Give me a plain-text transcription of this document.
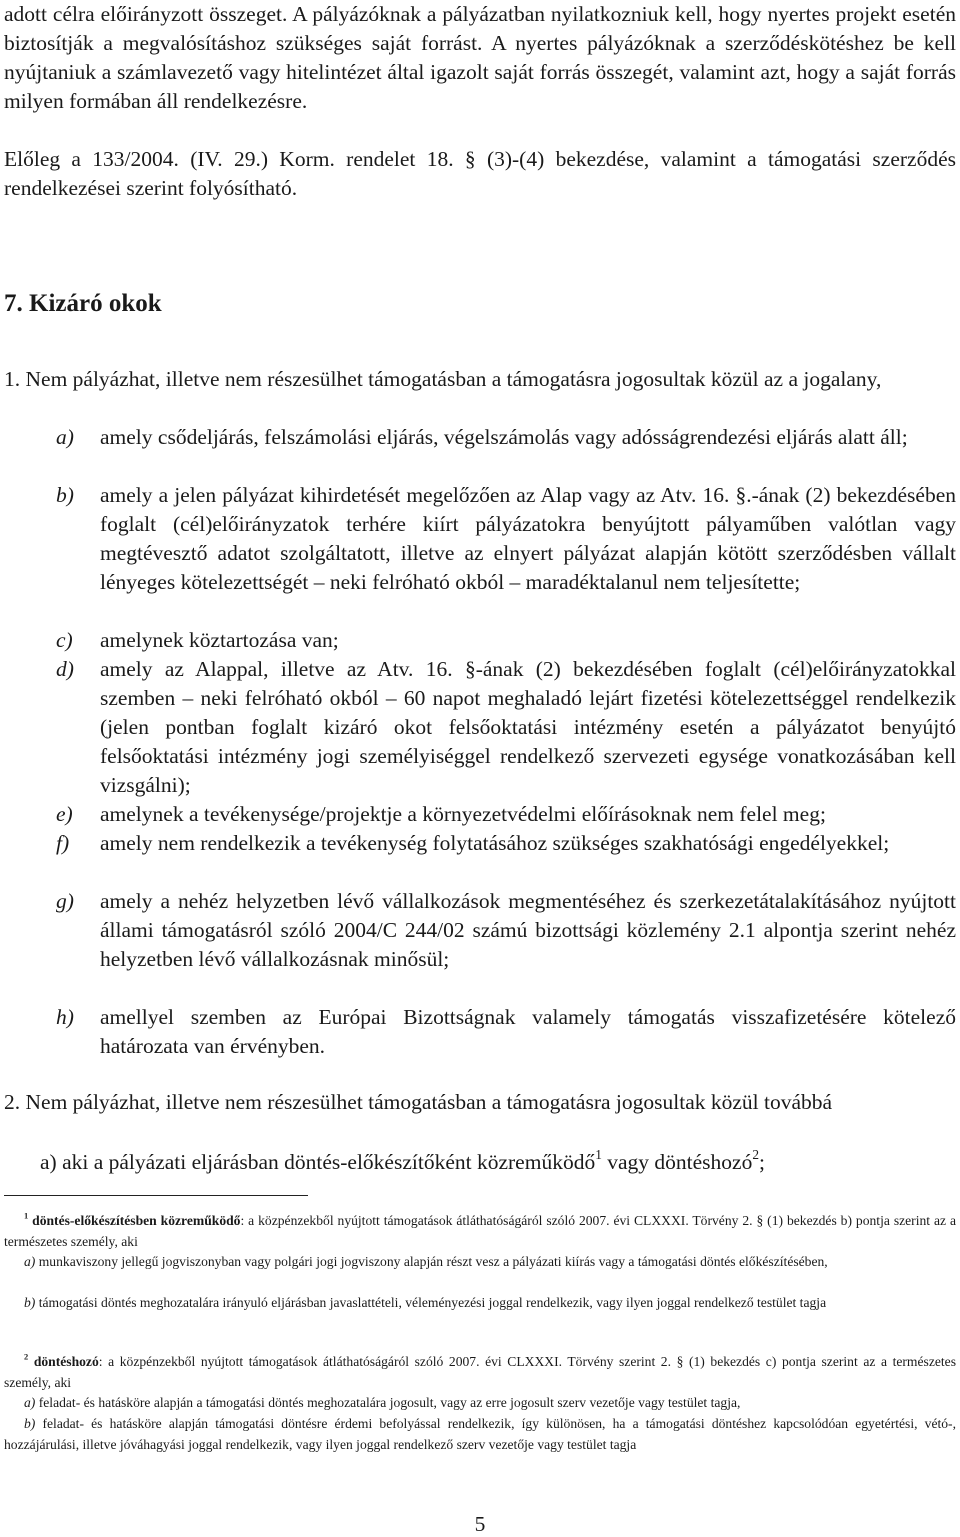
adott célra előirányzott összeget. A pályázóknak a pályázatban nyilatkozniuk kell, hogy nyertes projekt esetén biztosítják a megvalósításhoz szükséges saját forrást. A nyertes pályázóknak a szerződéskötéshez be kell nyújtaniuk a számlavezető vagy hitelintézet által igazolt saját forrás összegét, valamint azt, hogy a saját forrás milyen formában áll rendelkezésre.

Előleg a 133/2004. (IV. 29.) Korm. rendelet 18. § (3)-(4) bekezdése, valamint a támogatási szerződés rendelkezései szerint folyósítható.

7. Kizáró okok

1. Nem pályázhat, illetve nem részesülhet támogatásban a támogatásra jogosultak közül az a jogalany,

a)	amely csődeljárás, felszámolási eljárás, végelszámolás vagy adósságrendezési eljárás alatt áll;
b)	amely a jelen pályázat kihirdetését megelőzően az Alap vagy az Atv. 16. §.-ának (2) bekezdésében foglalt (cél)előirányzatok terhére kiírt pályázatokra benyújtott pályaműben valótlan vagy megtévesztő adatot szolgáltatott, illetve az elnyert pályázat alapján kötött szerződésben vállalt lényeges kötelezettségét – neki felróható okból – maradéktalanul nem teljesítette;
c)	amelynek köztartozása van;
d)	amely az Alappal, illetve az Atv. 16. §-ának (2) bekezdésében foglalt (cél)előirányzatokkal szemben – neki felróható okból – 60 napot meghaladó lejárt fizetési kötelezettséggel rendelkezik (jelen pontban foglalt kizáró okot felsőoktatási intézmény esetén a pályázatot benyújtó felsőoktatási intézmény jogi személyiséggel rendelkező szervezeti egysége vonatkozásában kell vizsgálni);
e)	amelynek a tevékenysége/projektje a környezetvédelmi előírásoknak nem felel meg;
f)	amely nem rendelkezik a tevékenység folytatásához szükséges szakhatósági engedélyekkel;
g)	amely a nehéz helyzetben lévő vállalkozások megmentéséhez és szerkezetátalakításához nyújtott állami támogatásról szóló 2004/C 244/02 számú bizottsági közlemény 2.1 alpontja szerint nehéz helyzetben lévő vállalkozásnak minősül;
h)	amellyel szemben az Európai Bizottságnak valamely támogatás visszafizetésére kötelező határozata van érvényben.

2. Nem pályázhat, illetve nem részesülhet támogatásban a támogatásra jogosultak közül továbbá

a) aki a pályázati eljárásban döntés-előkészítőként közreműködő$^1$ vagy döntéshozó$^2$;
$^1$ döntés-előkészítésben közreműködő: a közpénzekből nyújtott támogatások átláthatóságáról szóló 2007. évi CLXXXI. Törvény 2. § (1) bekezdés b) pontja szerint az a természetes személy, aki
a) munkaviszony jellegű jogviszonyban vagy polgári jogi jogviszony alapján részt vesz a pályázati kiírás vagy a támogatási döntés előkészítésében,
b) támogatási döntés meghozatalára irányuló eljárásban javaslattételi, véleményezési joggal rendelkezik, vagy ilyen joggal rendelkező testület tagja
$^2$ döntéshozó: a közpénzekből nyújtott támogatások átláthatóságáról szóló 2007. évi CLXXXI. Törvény szerint 2. § (1) bekezdés c) pontja szerint az a természetes személy, aki
a) feladat- és hatásköre alapján a támogatási döntés meghozatalára jogosult, vagy az erre jogosult szerv vezetője vagy testület tagja,
b) feladat- és hatásköre alapján támogatási döntésre érdemi befolyással rendelkezik, így különösen, ha a támogatási döntéshez kapcsolódóan egyetértési, vétó-, hozzájárulási, illetve jóváhagyási joggal rendelkezik, vagy ilyen joggal rendelkező szerv vezetője vagy testület tagja
5
